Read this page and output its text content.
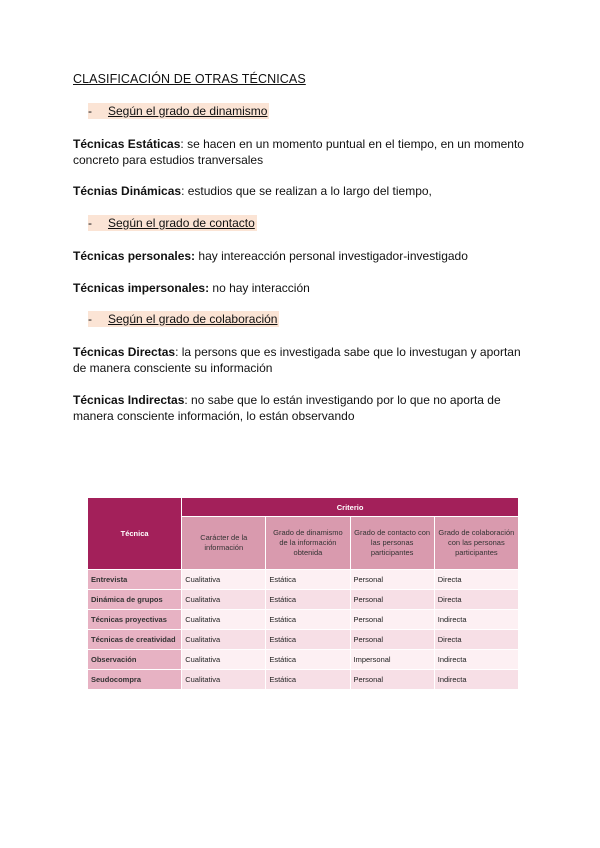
CLASIFICACIÓN DE OTRAS TÉCNICAS
-	Según el grado de dinamismo
Técnicas Estáticas: se hacen en un momento puntual en el tiempo, en un momento concreto para estudios tranversales
Técnias Dinámicas: estudios que se realizan a lo largo del tiempo,
-	Según el grado de contacto
Técnicas personales: hay intereacción personal investigador-investigado
Técnicas impersonales: no hay interacción
-	Según el grado de colaboración
Técnicas Directas: la persons que es investigada sabe que lo investugan y aportan de manera consciente su información
Técnicas Indirectas: no sabe que lo están investigando por lo que no aporta de manera consciente información, lo están observando
Técnica	Criterio			
	Carácter de la información	Grado de dinamismo de la información obtenida	Grado de contacto con las personas participantes	Grado de colaboración con las personas participantes
Entrevista	Cualitativa	Estática	Personal	Directa
Dinámica de grupos	Cualitativa	Estática	Personal	Directa
Técnicas proyectivas	Cualitativa	Estática	Personal	Indirecta
Técnicas de creatividad	Cualitativa	Estática	Personal	Directa
Observación	Cualitativa	Estática	Impersonal	Indirecta
Seudocompra	Cualitativa	Estática	Personal	Indirecta
